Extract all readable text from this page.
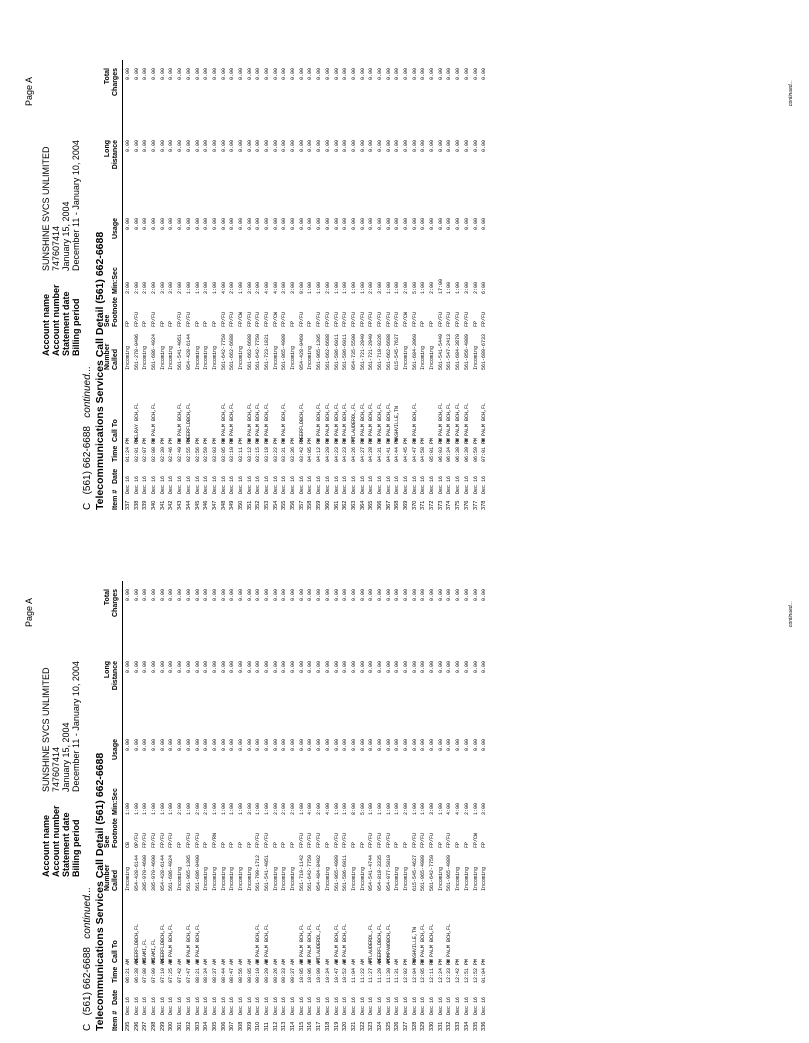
Page A
Account name
SUNSHINE SVCS UNLIMITED
Account number
747607414
Statement date
January 15, 2004
Billing period
December 11 - January 10, 2004
C   (561) 662-6688   continued... Telecommunications Services Call Detail (561) 662-6688 Item #
Date
Time
Call To
Number Called
See Footnote
Min:Sec
Usage
Long Distance
Total Charges
295
Dec 16
06:21 AM
Incoming
CB
1:00
0.00
0.00
0.00
296
Dec 16
06:38 AM
DEERFLDBCH,FL
954-428-6144
OP/FU
1:00
0.00
0.00
0.00
297
Dec 16
07:08 AM
MIAMI,FL
305-970-4600
FP/FU
1:00
0.00
0.00
0.00
298
Dec 16
07:09 AM
MIAMI,FL
305-970-4600
FP/FU
1:00
0.00
0.00
0.00
299
Dec 16
07:10 AM
DEERFLDBCH,FL
954-428-6144
FP/FU
1:00
0.00
0.00
0.00
300
Dec 16
07:25 AM
W PALM BCH,FL
561-686-4924
FP/FU
1:00
0.00
0.00
0.00
301
Dec 16
07:42 AM
Incoming
FP
2:00
0.00
0.00
0.00
302
Dec 16
07:47 AM
W PALM BCH,FL
561-965-1305
FP/FU
1:00
0.00
0.00
0.00
303
Dec 16
08:21 AM
W PALM BCH,FL
561-686-0400
FP/FU
2:00
0.00
0.00
0.00
304
Dec 16
08:34 AM
Incoming
FP
2:00
0.00
0.00
0.00
305
Dec 16
08:37 AM
Incoming
FP/RN
1:00
0.00
0.00
0.00
306
Dec 16
08:44 AM
Incoming
FP
1:00
0.00
0.00
0.00
307
Dec 16
08:47 AM
Incoming
FP
1:00
0.00
0.00
0.00
308
Dec 16
08:56 AM
Incoming
FP
1:00
0.00
0.00
0.00
309
Dec 16
09:05 AM
Incoming
FP
3:00
0.00
0.00
0.00
310
Dec 16
09:10 AM
W PALM BCH,FL
561-799-1712
FP/FU
1:00
0.00
0.00
0.00
311
Dec 16
09:20 AM
W PALM BCH,FL
561-541-4051
FP/FU
1:00
0.00
0.00
0.00
312
Dec 16
09:26 AM
Incoming
FP
2:00
0.00
0.00
0.00
313
Dec 16
09:33 AM
Incoming
FP
2:00
0.00
0.00
0.00
314
Dec 16
09:37 AM
Incoming
FP
2:00
0.00
0.00
0.00
315
Dec 16
10:05 AM
W PALM BCH,FL
561-719-1142
FP/FU
1:00
0.00
0.00
0.00
316
Dec 16
10:06 AM
W PALM BCH,FL
561-642-7750
FP/FU
4:00
0.00
0.00
0.00
317
Dec 16
10:09 AM
FTLAUDERDL,FL
954-484-8402
FP/FU
2:00
0.00
0.00
0.00
318
Dec 16
10:34 AM
Incoming
FP
4:00
0.00
0.00
0.00
319
Dec 16
10:47 AM
W PALM BCH,FL
561-965-4989
FP/FU
1:00
0.00
0.00
0.00
320
Dec 16
10:52 AM
W PALM BCH,FL
561-586-6011
FP/FU
1:00
0.00
0.00
0.00
321
Dec 16
11:04 AM
Incoming
FP
8:00
0.00
0.00
0.00
322
Dec 16
11:22 AM
Incoming
FP
5:00
0.00
0.00
0.00
323
Dec 16
11:27 AM
FTLAUDERDL,FL
954-541-4744
FP/FU
1:00
0.00
0.00
0.00
324
Dec 16
11:29 AM
DEERFLDBCH,FL
954-818-3335
FP/FU
1:00
0.00
0.00
0.00
325
Dec 16
11:30 AM
POMPANOBCH,FL
954-977-5010
FP/FU
1:00
0.00
0.00
0.00
326
Dec 16
11:31 AM
Incoming
FP
1:00
0.00
0.00
0.00
327
Dec 16
12:02 PM
Incoming
FP
2:00
0.00
0.00
0.00
328
Dec 16
12:04 PM
NASHVILLE,TN
615-545-4627
FP/FU
1:00
0.00
0.00
0.00
329
Dec 16
12:05 PM
W PALM BCH,FL
561-965-4989
FP/FU
1:00
0.00
0.00
0.00
330
Dec 16
12:11 PM
W PALM BCH,FL
561-642-7750
FP/FU
3:00
0.00
0.00
0.00
331
Dec 16
12:24 PM
Incoming
FP
1:00
0.00
0.00
0.00
332
Dec 16
12:33 PM
W PALM BCH,FL
561-965-4989
FP/FU
4:00
0.00
0.00
0.00
333
Dec 16
12:42 PM
Incoming
FP
4:00
0.00
0.00
0.00
334
Dec 16
12:51 PM
Incoming
FP
2:00
0.00
0.00
0.00
335
Dec 16
12:52 PM
Incoming
FP/CW
1:00
0.00
0.00
0.00
336
Dec 16
01:04 PM
Incoming
FP
3:00
0.00
0.00
0.00
continued...
Page A
Account name
SUNSHINE SVCS UNLIMITED
Account number
747607414
Statement date
January 15, 2004
Billing period
December 11 - January 10, 2004
C   (561) 662-6688   continued... Telecommunications Services Call Detail (561) 662-6688 Item #
Date
Time
Call To
Number Called
See Footnote
Min:Sec
Usage
Long Distance
Total Charges
337
Dec 16
01:24 PM
Incoming
FP
3:00
0.00
0.00
0.00
338
Dec 16
02:01 PM
DELRAY BCH,FL
561-278-0496
FP/FU
2:00
0.00
0.00
0.00
339
Dec 16
02:07 PM
Incoming
FP
2:00
0.00
0.00
0.00
340
Dec 16
02:08 PM
W PALM BCH,FL
561-686-4924
FP/FU
2:00
0.00
0.00
0.00
341
Dec 16
02:30 PM
Incoming
FP
3:00
0.00
0.00
0.00
342
Dec 16
02:46 PM
Incoming
FP
3:00
0.00
0.00
0.00
343
Dec 16
02:49 PM
W PALM BCH,FL
561-541-4051
FP/FU
2:00
0.00
0.00
0.00
344
Dec 16
02:55 PM
DEERFLDBCH,FL
954-428-6144
FP/FU
1:00
0.00
0.00
0.00
345
Dec 16
02:56 PM
Incoming
FP
1:00
0.00
0.00
0.00
346
Dec 16
02:59 PM
Incoming
FP
3:00
0.00
0.00
0.00
347
Dec 16
03:03 PM
Incoming
FP
1:00
0.00
0.00
0.00
348
Dec 16
03:05 PM
W PALM BCH,FL
561-642-7750
FP/FU
4:00
0.00
0.00
0.00
349
Dec 16
03:10 PM
W PALM BCH,FL
561-662-6688
FP/FU
2:00
0.00
0.00
0.00
350
Dec 16
03:11 PM
Incoming
FP/CW
1:00
0.00
0.00
0.00
351
Dec 16
03:12 PM
W PALM BCH,FL
561-662-6688
FP/FU
3:00
0.00
0.00
0.00
352
Dec 16
03:15 PM
W PALM BCH,FL
561-642-7750
FP/FU
2:00
0.00
0.00
0.00
353
Dec 16
03:18 PM
W PALM BCH,FL
561-723-1821
FP/FU
4:00
0.00
0.00
0.00
354
Dec 16
03:22 PM
Incoming
FP/CW
4:00
0.00
0.00
0.00
355
Dec 16
03:31 PM
W PALM BCH,FL
561-965-4989
FP/FU
3:00
0.00
0.00
0.00
356
Dec 16
03:36 PM
Incoming
FP
3:00
0.00
0.00
0.00
357
Dec 16
03:42 PM
DEERFLDBCH,FL
954-428-0460
FP/FU
9:00
0.00
0.00
0.00
358
Dec 16
04:05 PM
Incoming
FP
1:00
0.00
0.00
0.00
359
Dec 16
04:12 PM
W PALM BCH,FL
561-965-1305
FP/FU
1:00
0.00
0.00
0.00
360
Dec 16
04:20 PM
W PALM BCH,FL
561-662-6688
FP/FU
2:00
0.00
0.00
0.00
361
Dec 16
04:23 PM
W PALM BCH,FL
561-586-6011
FP/FU
1:00
0.00
0.00
0.00
362
Dec 16
04:23 PM
W PALM BCH,FL
561-586-6011
FP/FU
1:00
0.00
0.00
0.00
363
Dec 16
04:26 PM
FTLAUDERDL,FL
954-735-5500
FP/FU
1:00
0.00
0.00
0.00
364
Dec 16
04:27 PM
W PALM BCH,FL
561-721-2940
FP/FU
1:00
0.00
0.00
0.00
365
Dec 16
04:28 PM
W PALM BCH,FL
561-721-2940
FP/FU
2:00
0.00
0.00
0.00
366
Dec 16
04:31 PM
W PALM BCH,FL
561-718-9226
FP/FU
3:00
0.00
0.00
0.00
367
Dec 16
04:41 PM
W PALM BCH,FL
561-662-6688
FP/FU
1:00
0.00
0.00
0.00
368
Dec 16
04:44 PM
NASHVILLE,TN
615-545-7627
FP/FU
1:00
0.00
0.00
0.00
369
Dec 16
04:45 PM
Incoming
FP/CW
2:00
0.00
0.00
0.00
370
Dec 16
04:47 PM
W PALM BCH,FL
561-684-3960
FP/FU
5:00
0.00
0.00
0.00
371
Dec 16
04:58 PM
Incoming
FP
1:00
0.00
0.00
0.00
372
Dec 16
05:01 PM
Incoming
FP
2:00
0.00
0.00
0.00
373
Dec 16
06:03 PM
W PALM BCH,FL
561-541-5449
FP/FU
17:00
0.00
0.00
0.00
374
Dec 16
06:34 PM
W PALM BCH,FL
561-547-2413
FP/FU
1:00
0.00
0.00
0.00
375
Dec 16
06:38 PM
W PALM BCH,FL
561-684-3870
FP/FU
1:00
0.00
0.00
0.00
376
Dec 16
06:39 PM
W PALM BCH,FL
561-856-4989
FP/FU
3:00
0.00
0.00
0.00
377
Dec 16
06:59 PM
Incoming
FP
2:00
0.00
0.00
0.00
378
Dec 16
07:01 PM
W PALM BCH,FL
561-689-6733
FP/FU
6:00
0.00
0.00
0.00
continued...
